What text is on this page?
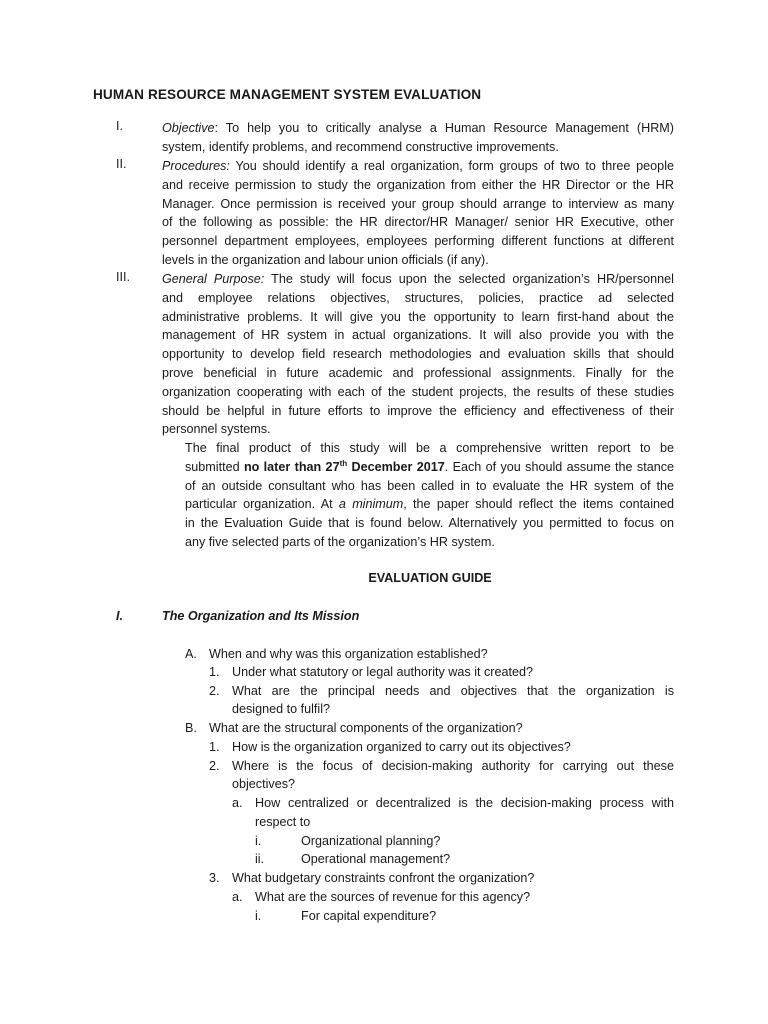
HUMAN RESOURCE MANAGEMENT SYSTEM EVALUATION
I.	Objective: To help you to critically analyse a Human Resource Management (HRM)
system, identify problems, and recommend constructive improvements.
II.	Procedures: You should identify a real organization, form groups of two to three people
and receive permission to study the organization from either the HR Director or the HR
Manager. Once permission is received your group should arrange to interview as many
of the following as possible: the HR director/HR Manager/ senior HR Executive, other
personnel department employees, employees performing different functions at different
levels in the organization and labour union officials (if any).
III.	General Purpose: The study will focus upon the selected organization’s HR/personnel
and employee relations objectives, structures, policies, practice ad selected
administrative problems. It will give you the opportunity to learn first-hand about the
management of HR system in actual organizations. It will also provide you with the
opportunity to develop field research methodologies and evaluation skills that should
prove beneficial in future academic and professional assignments. Finally for the
organization cooperating with each of the student projects, the results of these studies
should be helpful in future efforts to improve the efficiency and effectiveness of their
personnel systems.
The final product of this study will be a comprehensive written report to be
submitted no later than 27th December 2017. Each of you should assume the stance
of an outside consultant who has been called in to evaluate the HR system of the
particular organization. At a minimum, the paper should reflect the items contained
in the Evaluation Guide that is found below. Alternatively you permitted to focus on
any five selected parts of the organization’s HR system.
EVALUATION GUIDE
I.	The Organization and Its Mission
A. When and why was this organization established?
1. Under what statutory or legal authority was it created?
2. What are the principal needs and objectives that the organization is
designed to fulfil?
B. What are the structural components of the organization?
1. How is the organization organized to carry out its objectives?
2. Where is the focus of decision-making authority for carrying out these
objectives?
a. How centralized or decentralized is the decision-making process with
respect to
i.	Organizational planning?
ii.	Operational management?
3. What budgetary constraints confront the organization?
a. What are the sources of revenue for this agency?
i.	For capital expenditure?
